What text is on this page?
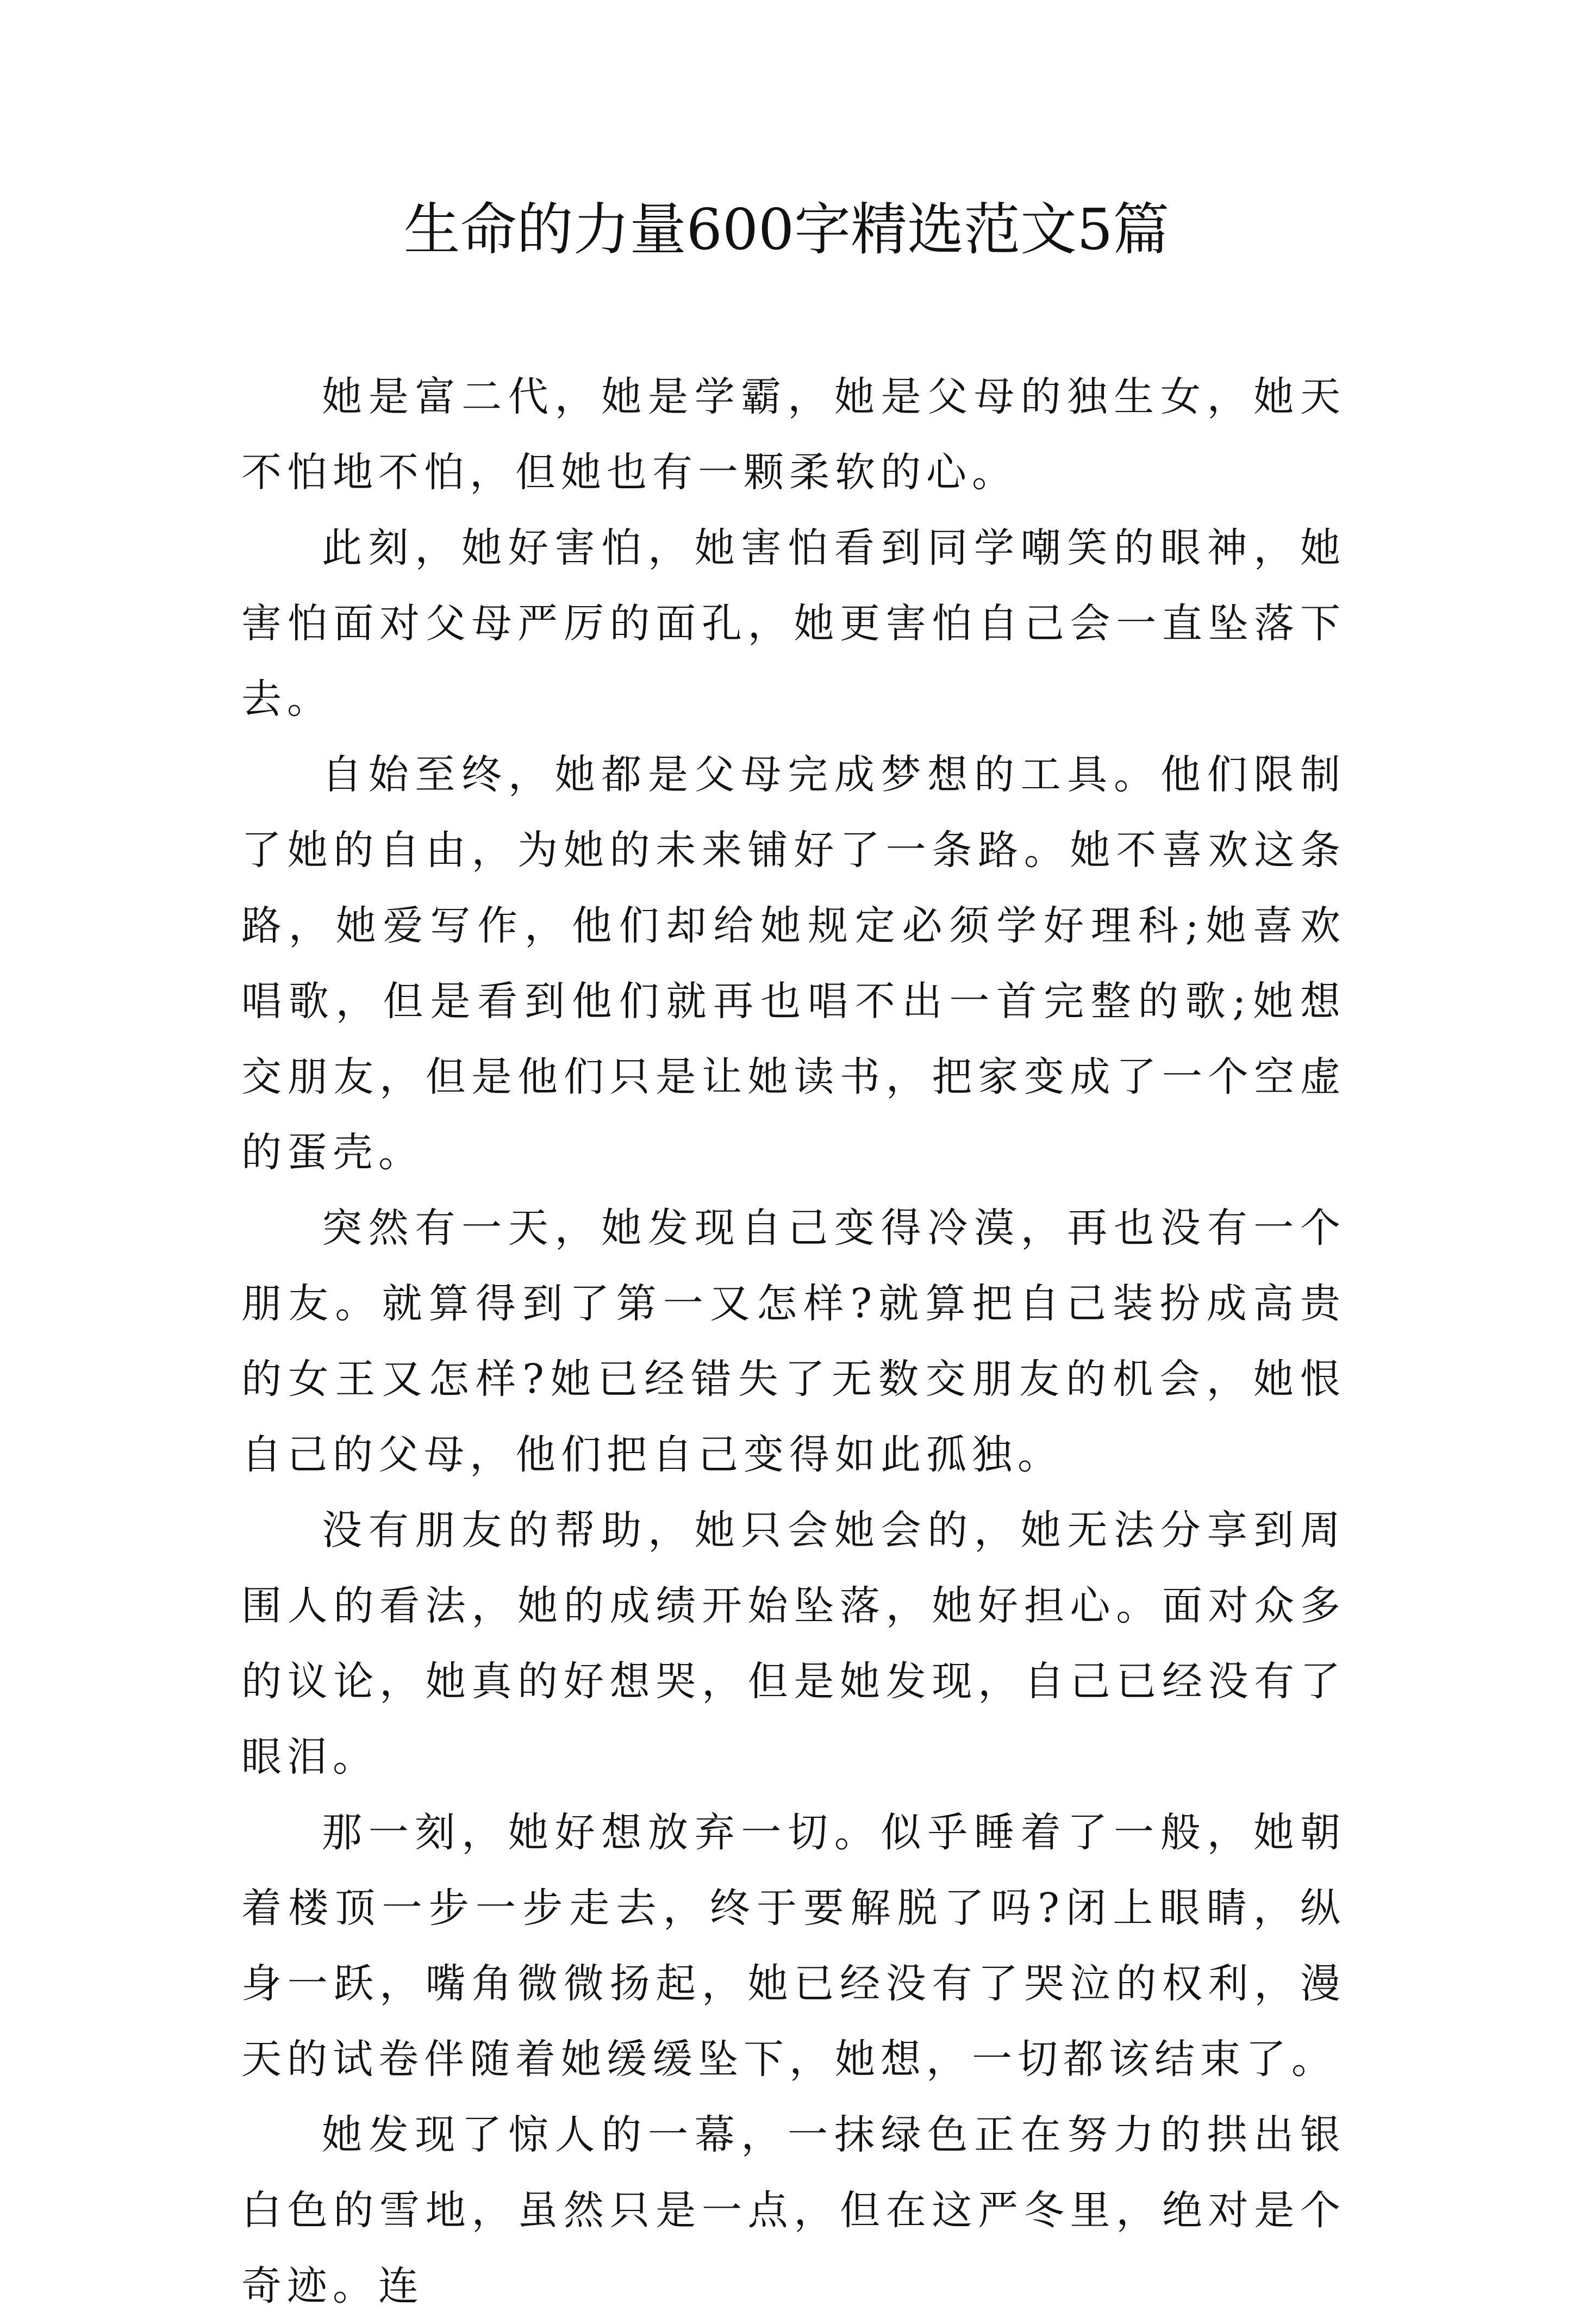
生命的力量600字精选范文5篇

她是富二代，她是学霸，她是父母的独生女，她天不怕地不怕，但她也有一颗柔软的心。

此刻，她好害怕，她害怕看到同学嘲笑的眼神，她害怕面对父母严厉的面孔，她更害怕自己会一直坠落下去。

自始至终，她都是父母完成梦想的工具。他们限制了她的自由，为她的未来铺好了一条路。她不喜欢这条路，她爱写作，他们却给她规定必须学好理科;她喜欢唱歌，但是看到他们就再也唱不出一首完整的歌;她想交朋友，但是他们只是让她读书，把家变成了一个空虚的蛋壳。

突然有一天，她发现自己变得冷漠，再也没有一个朋友。就算得到了第一又怎样?就算把自己装扮成高贵的女王又怎样?她已经错失了无数交朋友的机会，她恨自己的父母，他们把自己变得如此孤独。

没有朋友的帮助，她只会她会的，她无法分享到周围人的看法，她的成绩开始坠落，她好担心。面对众多的议论，她真的好想哭，但是她发现，自己已经没有了眼泪。

那一刻，她好想放弃一切。似乎睡着了一般，她朝着楼顶一步一步走去，终于要解脱了吗?闭上眼睛，纵身一跃，嘴角微微扬起，她已经没有了哭泣的权利，漫天的试卷伴随着她缓缓坠下，她想，一切都该结束了。

她发现了惊人的一幕，一抹绿色正在努力的拱出银白色的雪地，虽然只是一点，但在这严冬里，绝对是个奇迹。连
